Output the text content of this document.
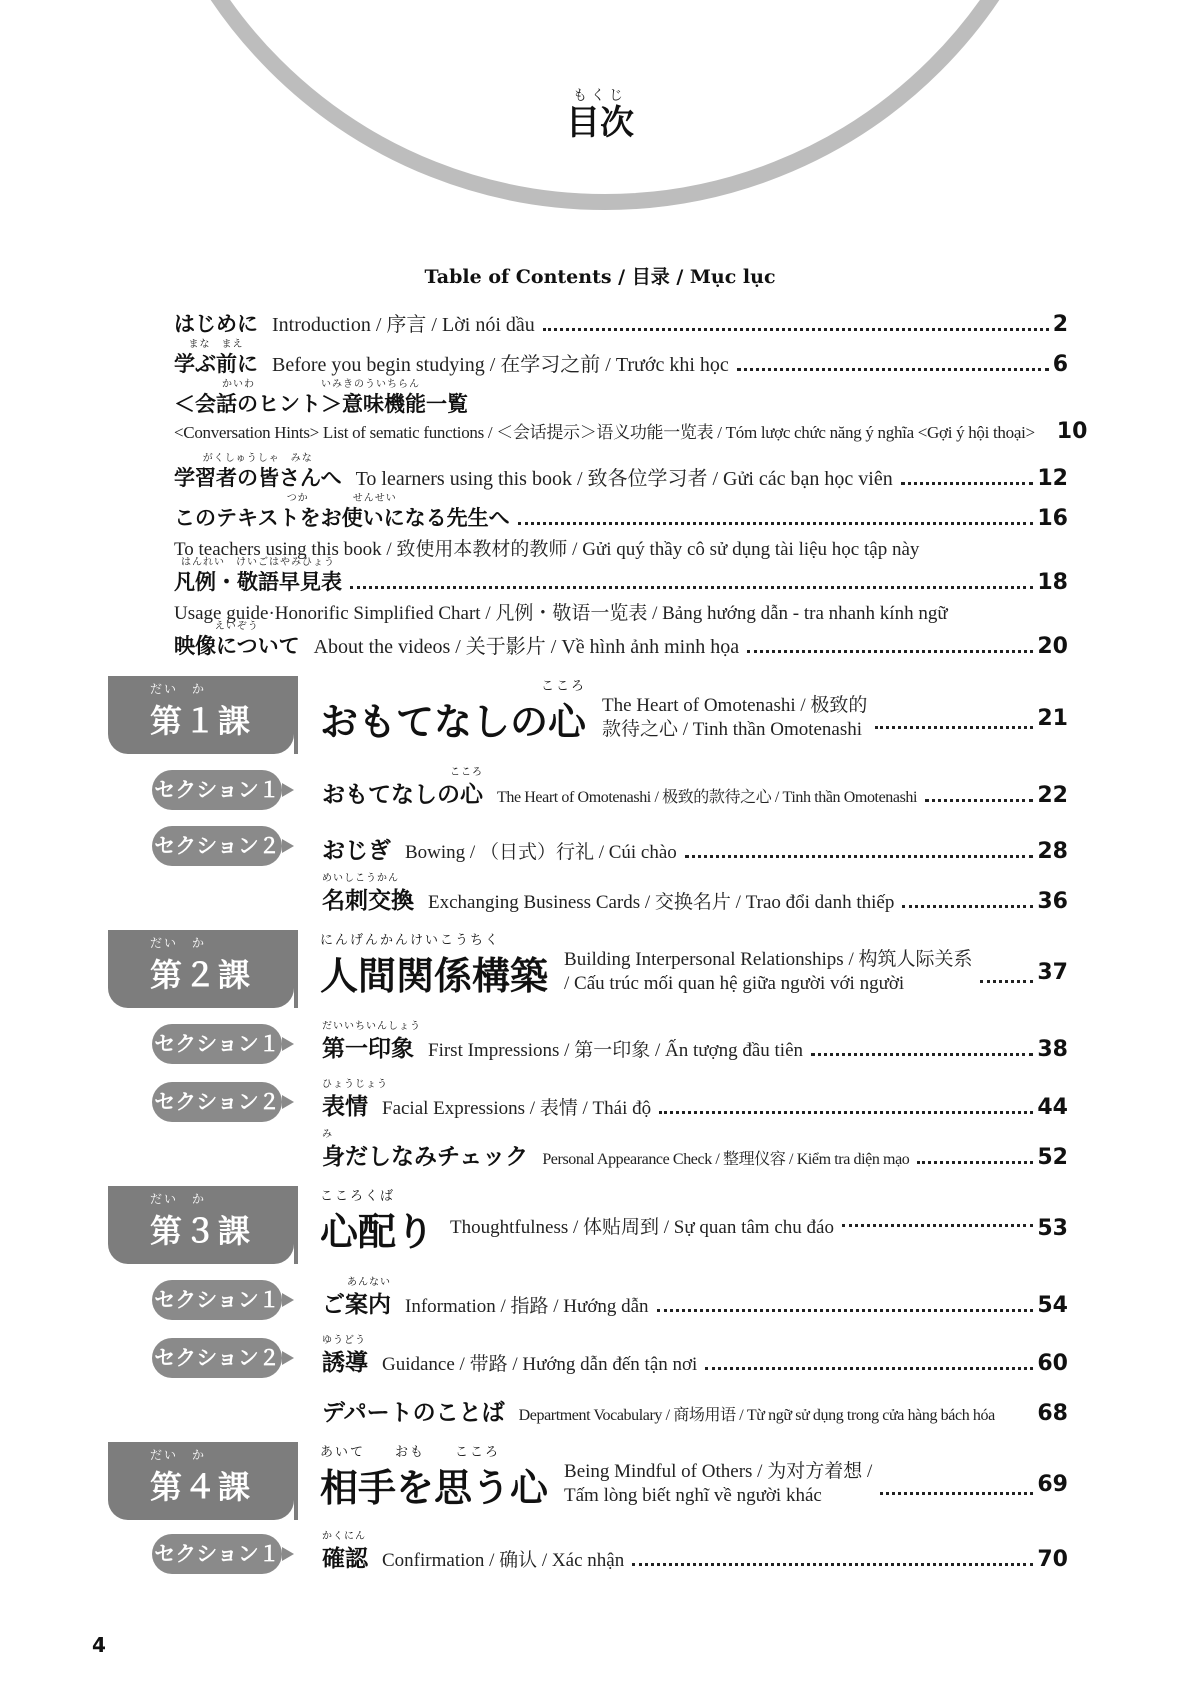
もくじ
目次
Table of Contents / 目录 / Mục lục
はじめに Introduction / 序言 / Lời nói dầu	2
まな　まえ
学ぶ前に Before you begin studying / 在学习之前 / Trước khi học	6
かいわ　　　　　　いみきのういちらん
＜会話のヒント＞意味機能一覧
<Conversation Hints> List of sematic functions / ＜会话提示＞语义功能一览表 / Tóm lược chức năng ý nghĩa <Gợi ý hội thoại> 10
がくしゅうしゃ　みな
学習者の皆さんへ To learners using this book / 致各位学习者 / Gửi các bạn học viên	12
つか　　　　せんせい
このテキストをお使いになる先生へ	16
To teachers using this book / 致使用本教材的教师 / Gửi quý thầy cô sử dụng tài liệu học tập này
はんれい　けいごはやみひょう
凡例・敬語早見表	18
Usage guide·Honorific Simplified Chart / 凡例・敬语一览表 / Bảng hướng dẫn - tra nhanh kính ngữ
えいぞう
映像について About the videos / 关于影片 / Về hình ảnh minh họa	20
だい　か
第１課
こころ
おもてなしの心 The Heart of Omotenashi / 极致的
款待之心 / Tinh thần Omotenashi	21
セクション１
こころ
おもてなしの心 The Heart of Omotenashi / 极致的款待之心 / Tinh thần Omotenashi	22
セクション２ おじぎ Bowing / （日式）行礼 / Cúi chào	28
めいしこうかん
名刺交換 Exchanging Business Cards / 交换名片 / Trao đổi danh thiếp	36
だい　か
第２課
にんげんかんけいこうちく
人間関係構築 Building Interpersonal Relationships / 构筑人际关系
/ Cấu trúc mối quan hệ giữa người với người	37
セクション１
だいいちいんしょう
第一印象 First Impressions / 第一印象 / Ấn tượng đầu tiên	38
セクション２
ひょうじょう
表情 Facial Expressions / 表情 / Thái độ	44
み
身だしなみチェック Personal Appearance Check / 整理仪容 / Kiểm tra diện mạo	52
だい　か
第３課
こころくば
心配り Thoughtfulness / 体贴周到 / Sự quan tâm chu đáo	53
セクション１
あんない
ご案内 Information / 指路 / Hướng dẫn	54
セクション２
ゆうどう
誘導 Guidance / 带路 / Hướng dẫn đến tận nơi	60
デパートのことば Department Vocabulary / 商场用语 / Từ ngữ sử dụng trong cửa hàng bách hóa 68
だい　か
第４課
あいて　　おも　　こころ
相手を思う心 Being Mindful of Others / 为对方着想 /
Tấm lòng biết nghĩ về người khác	69
セクション１
かくにん
確認 Confirmation / 确认 / Xác nhận	70
4
